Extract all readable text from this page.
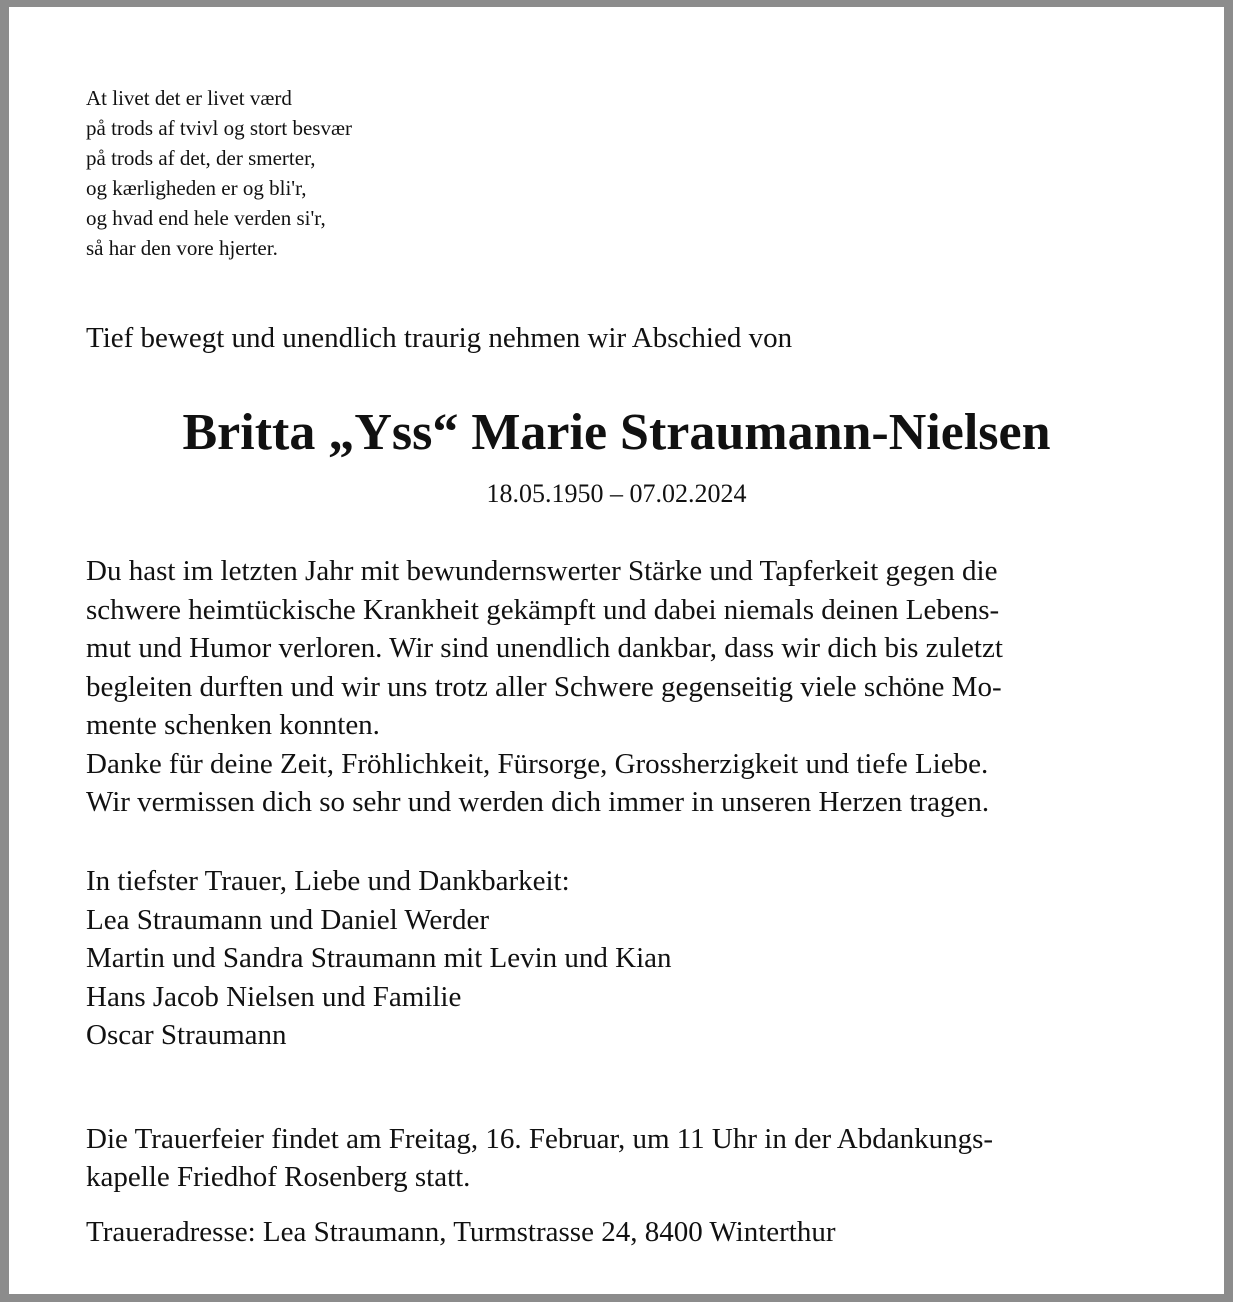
At livet det er livet værd
på trods af tvivl og stort besvær
på trods af det, der smerter,
og kærligheden er og bli'r,
og hvad end hele verden si'r,
så har den vore hjerter.
Tief bewegt und unendlich traurig nehmen wir Abschied von
Britta „Yss“ Marie Straumann-Nielsen
18.05.1950 – 07.02.2024
Du hast im letzten Jahr mit bewundernswerter Stärke und Tapferkeit gegen die
schwere heimtückische Krankheit gekämpft und dabei niemals deinen Lebens-
mut und Humor verloren. Wir sind unendlich dankbar, dass wir dich bis zuletzt
begleiten durften und wir uns trotz aller Schwere gegenseitig viele schöne Mo-
mente schenken konnten.
Danke für deine Zeit, Fröhlichkeit, Fürsorge, Grossherzigkeit und tiefe Liebe.
Wir vermissen dich so sehr und werden dich immer in unseren Herzen tragen.
In tiefster Trauer, Liebe und Dankbarkeit:
Lea Straumann und Daniel Werder
Martin und Sandra Straumann mit Levin und Kian
Hans Jacob Nielsen und Familie
Oscar Straumann
Die Trauerfeier findet am Freitag, 16. Februar, um 11 Uhr in der Abdankungs-
kapelle Friedhof Rosenberg statt.
Traueradresse: Lea Straumann, Turmstrasse 24, 8400 Winterthur
